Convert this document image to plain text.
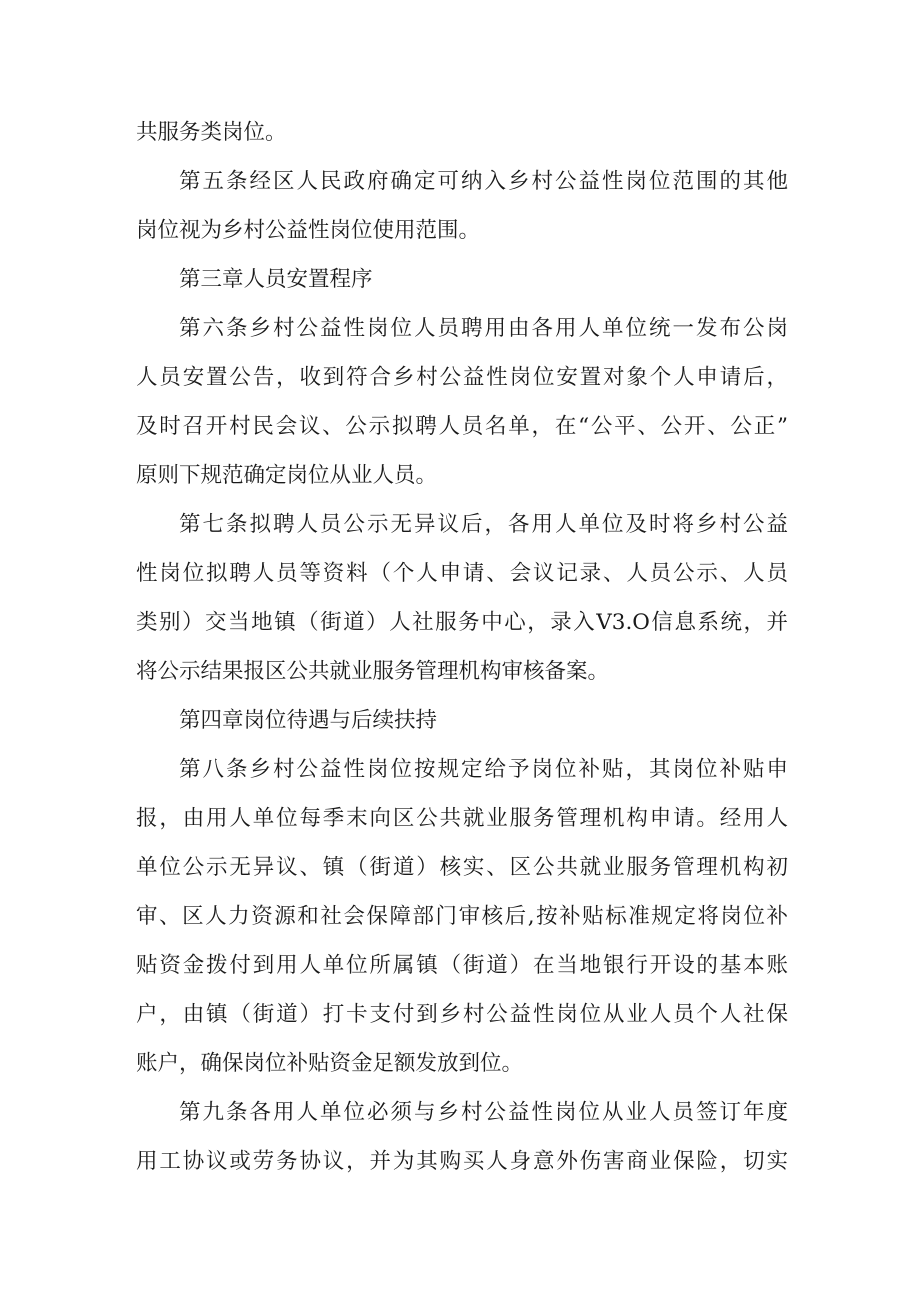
共服务类岗位。
第五条经区人民政府确定可纳入乡村公益性岗位范围的其他
岗位视为乡村公益性岗位使用范围。
第三章人员安置程序
第六条乡村公益性岗位人员聘用由各用人单位统一发布公岗
人员安置公告，收到符合乡村公益性岗位安置对象个人申请后，
及时召开村民会议、公示拟聘人员名单，在“公平、公开、公正”
原则下规范确定岗位从业人员。
第七条拟聘人员公示无异议后，各用人单位及时将乡村公益
性岗位拟聘人员等资料（个人申请、会议记录、人员公示、人员
类别）交当地镇（街道）人社服务中心，录入V3.O信息系统，并
将公示结果报区公共就业服务管理机构审核备案。
第四章岗位待遇与后续扶持
第八条乡村公益性岗位按规定给予岗位补贴，其岗位补贴申
报，由用人单位每季末向区公共就业服务管理机构申请。经用人
单位公示无异议、镇（街道）核实、区公共就业服务管理机构初
审、区人力资源和社会保障部门审核后,按补贴标准规定将岗位补
贴资金拨付到用人单位所属镇（街道）在当地银行开设的基本账
户，由镇（街道）打卡支付到乡村公益性岗位从业人员个人社保
账户，确保岗位补贴资金足额发放到位。
第九条各用人单位必须与乡村公益性岗位从业人员签订年度
用工协议或劳务协议，并为其购买人身意外伤害商业保险，切实
